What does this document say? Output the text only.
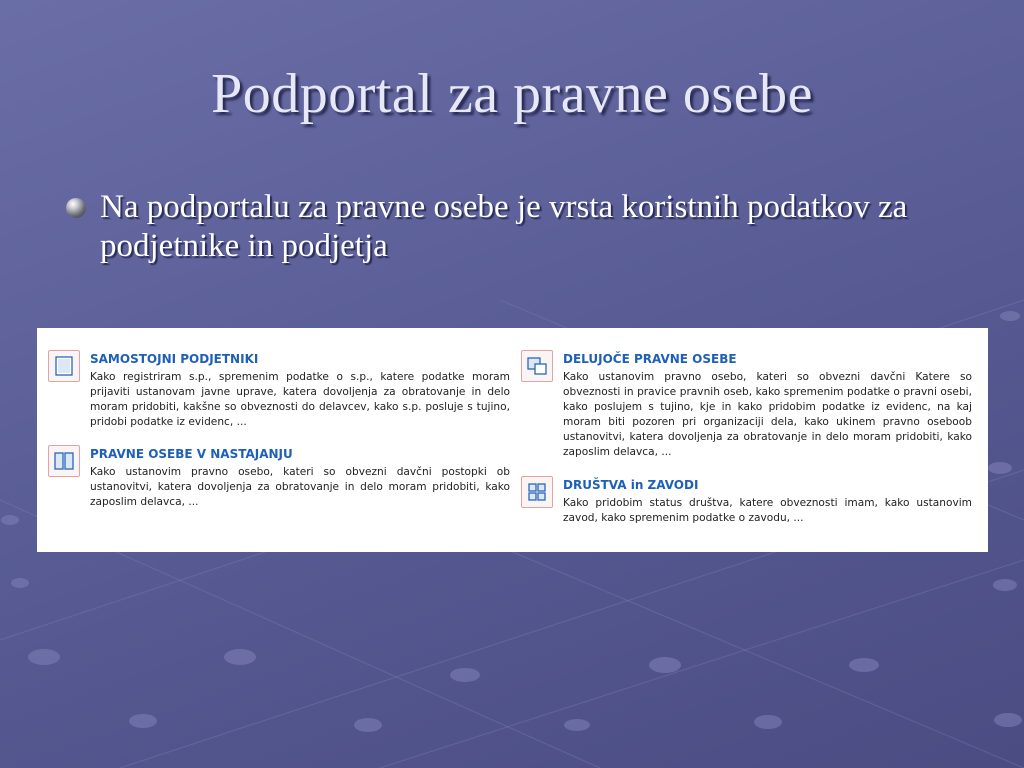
Podportal za pravne osebe
Na podportalu za pravne osebe je vrsta koristnih podatkov za podjetnike in podjetja
SAMOSTOJNI PODJETNIKI
Kako registriram s.p., spremenim podatke o s.p., katere podatke moram prijaviti ustanovam javne uprave, katera dovoljenja za obratovanje in delo moram pridobiti, kakšne so obveznosti do delavcev, kako s.p. posluje s tujino, pridobi podatke iz evidenc, ...
PRAVNE OSEBE V NASTAJANJU
Kako ustanovim pravno osebo, kateri so obvezni davčni postopki ob ustanovitvi, katera dovoljenja za obratovanje in delo moram pridobiti, kako zaposlim delavca, ...
DELUJOČE PRAVNE OSEBE
Kako ustanovim pravno osebo, kateri so obvezni davčni Katere so obveznosti in pravice pravnih oseb, kako spremenim podatke o pravni osebi, kako poslujem s tujino, kje in kako pridobim podatke iz evidenc, na kaj moram biti pozoren pri organizaciji dela, kako ukinem pravno oseboob ustanovitvi, katera dovoljenja za obratovanje in delo moram pridobiti, kako zaposlim delavca, ...
DRUŠTVA in ZAVODI
Kako pridobim status društva, katere obveznosti imam, kako ustanovim zavod, kako spremenim podatke o zavodu, ...
